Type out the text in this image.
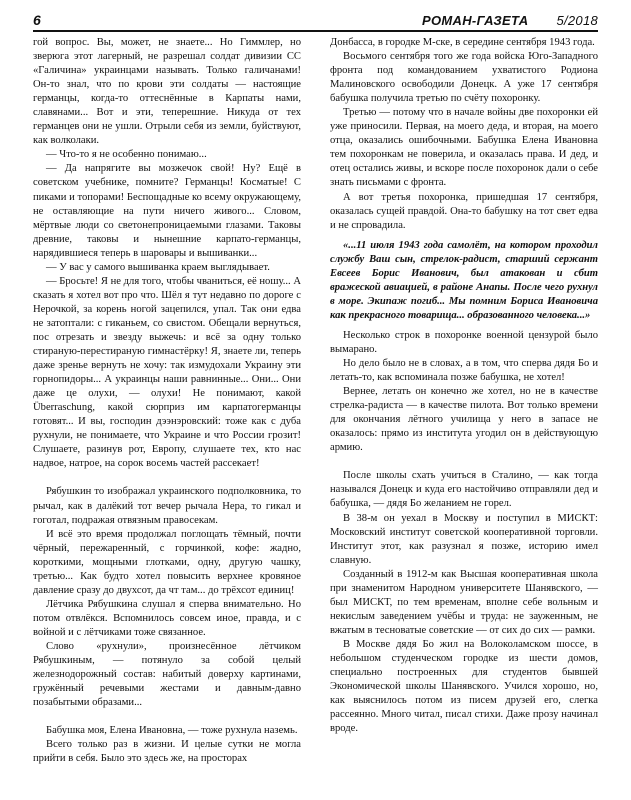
6	РОМАН-ГАЗЕТА 5/2018

гой вопрос. Вы, может, не знаете... Но Гиммлер, но зверюга этот лагерный, не разрешал солдат дивизии СС «Галичина» украинцами называть. Только галичанами! Он-то знал, что по крови эти солдаты — настоящие германцы, когда-то оттеснённые в Карпаты нами, славянами... Вот и эти, теперешние. Никуда от тех германцев они не ушли. Отрыли себя из земли, буйствуют, как волколаки.

— Что-то я не особенно понимаю...

— Да напрягите вы мозжечок свой! Ну? Ещё в советском учебнике, помните? Германцы! Косматые! С пиками и топорами! Беспощадные ко всему окружающему, не оставляющие на пути ничего живого... Словом, мёртвые люди со светонепроницаемыми глазами. Таковы древние, таковы и нынешние карпато-германцы, нарядившиеся теперь в шаровары и вышиванки...

— У вас у самого вышиванка краем выглядывает.

— Бросьте! Я не для того, чтобы чваниться, её ношу... А сказать я хотел вот про что. Шёл я тут недавно по дороге с Нерочкой, за корень ногой зацепился, упал. Так они едва не затоптали: с гиканьем, со свистом. Обещали вернуться, пос отрезать и звезду выжечь: и всё за одну только стираную-перестираную гимнастёрку! Я, знаете ли, теперь даже зренье вернуть не хочу: так измудохали Украину эти горнопидоры... А украинцы наши равнинные... Они... Они даже це олухи, — олухи! Не понимают, какой Überraschung, какой сюрприз им карпатогерманцы готовят... И вы, господин дээнэровский: тоже как с дуба рухнули, не понимаете, что Украине и что России грозит! Слушаете, разинув рот, Европу, слушаете тех, кто нас надвое, натрое, на сорок восемь частей рассекает!

Рябушкин то изображал украинского подполковника, то рычал, как в далёкий тот вечер рычала Нера, то гикал и гоготал, подражая отвязным правосекам.

И всё это время продолжал поглощать тёмный, почти чёрный, пережаренный, с горчинкой, кофе: жадно, короткими, мощными глотками, одну, другую чашку, третью... Как будто хотел повысить верхнее кровяное давление сразу до двухсот, да чт там... до трёхсот единиц!

Лётчика Рябушкина слушал я сперва внимательно. Но потом отвлёкся. Вспомнилось совсем иное, правда, и с войной и с лётчиками тоже связанное.

Слово «рухнули», произнесённое лётчиком Рябушкиным, — потянуло за собой целый железнодорожный состав: набитый доверху картинами, гружённый речевыми жестами и давным-давно позабытыми образами...

Бабушка моя, Елена Ивановна, — тоже рухнула наземь.

Всего только раз в жизни. И целые сутки не могла прийти в себя. Было это здесь же, на просторах

Донбасса, в городке М-ске, в середине сентября 1943 года.

Восьмого сентября того же года войска Юго-Западного фронта под командованием ухватистого Родиона Малиновского освободили Донецк. А уже 17 сентября бабушка получила третью по счёту похоронку.

Третью — потому что в начале войны две похоронки ей уже приносили. Первая, на моего деда, и вторая, на моего отца, оказались ошибочными. Бабушка Елена Ивановна тем похоронкам не поверила, и оказалась права. И дед, и отец остались живы, и вскоре после похоронок дали о себе знать письмами с фронта.

А вот третья похоронка, пришедшая 17 сентября, оказалась сущей правдой. Она-то бабушку на тот свет едва и не спровадила.

«...11 июля 1943 года самолёт, на котором проходил службу Ваш сын, стрелок-радист, старший сержант Евсеев Борис Иванович, был атакован и сбит вражеской авиацией, в районе Анапы. После чего рухнул в море. Экипаж погиб... Мы помним Бориса Ивановича как прекрасного товарища... образованного человека...»

Несколько строк в похоронке военной цензурой было вымарано.

Но дело было не в словах, а в том, что сперва дядя Бо и летать-то, как вспоминала позже бабушка, не хотел!

Вернее, летать он конечно же хотел, но не в качестве стрелка-радиста — в качестве пилота. Вот только времени для окончания лётного училища у него в запасе не оказалось: прямо из института угодил он в действующую армию.

После школы схать учиться в Сталино, — как тогда называлcя Донецк и куда его настойчиво отправляли дед и бабушка, — дядя Бо желанием не горел.

В 38-м он уехал в Москву и поступил в МИСКТ: Московский институт советской кооперативной торговли. Институт этот, как разузнал я позже, историю имел славную.

Созданный в 1912-м как Высшая кооперативная школа при знаменитом Народном университете Шанявского, — был МИСКТ, по тем временам, вполне себе вольным и некислым заведением учёбы и труда: не зауженным, не вжатым в тесноватые советские — от сих до сих — рамки.

В Москве дядя Бо жил на Волоколамском шоссе, в небольшом студенческом городке из шести домов, специально построенных для студентов бывшей Экономической школы Шанявского. Учился хорошо, но, как выяснилось потом из писем друзей его, слегка рассеянно. Много читал, писал стихи. Даже прозу начинал вроде.
